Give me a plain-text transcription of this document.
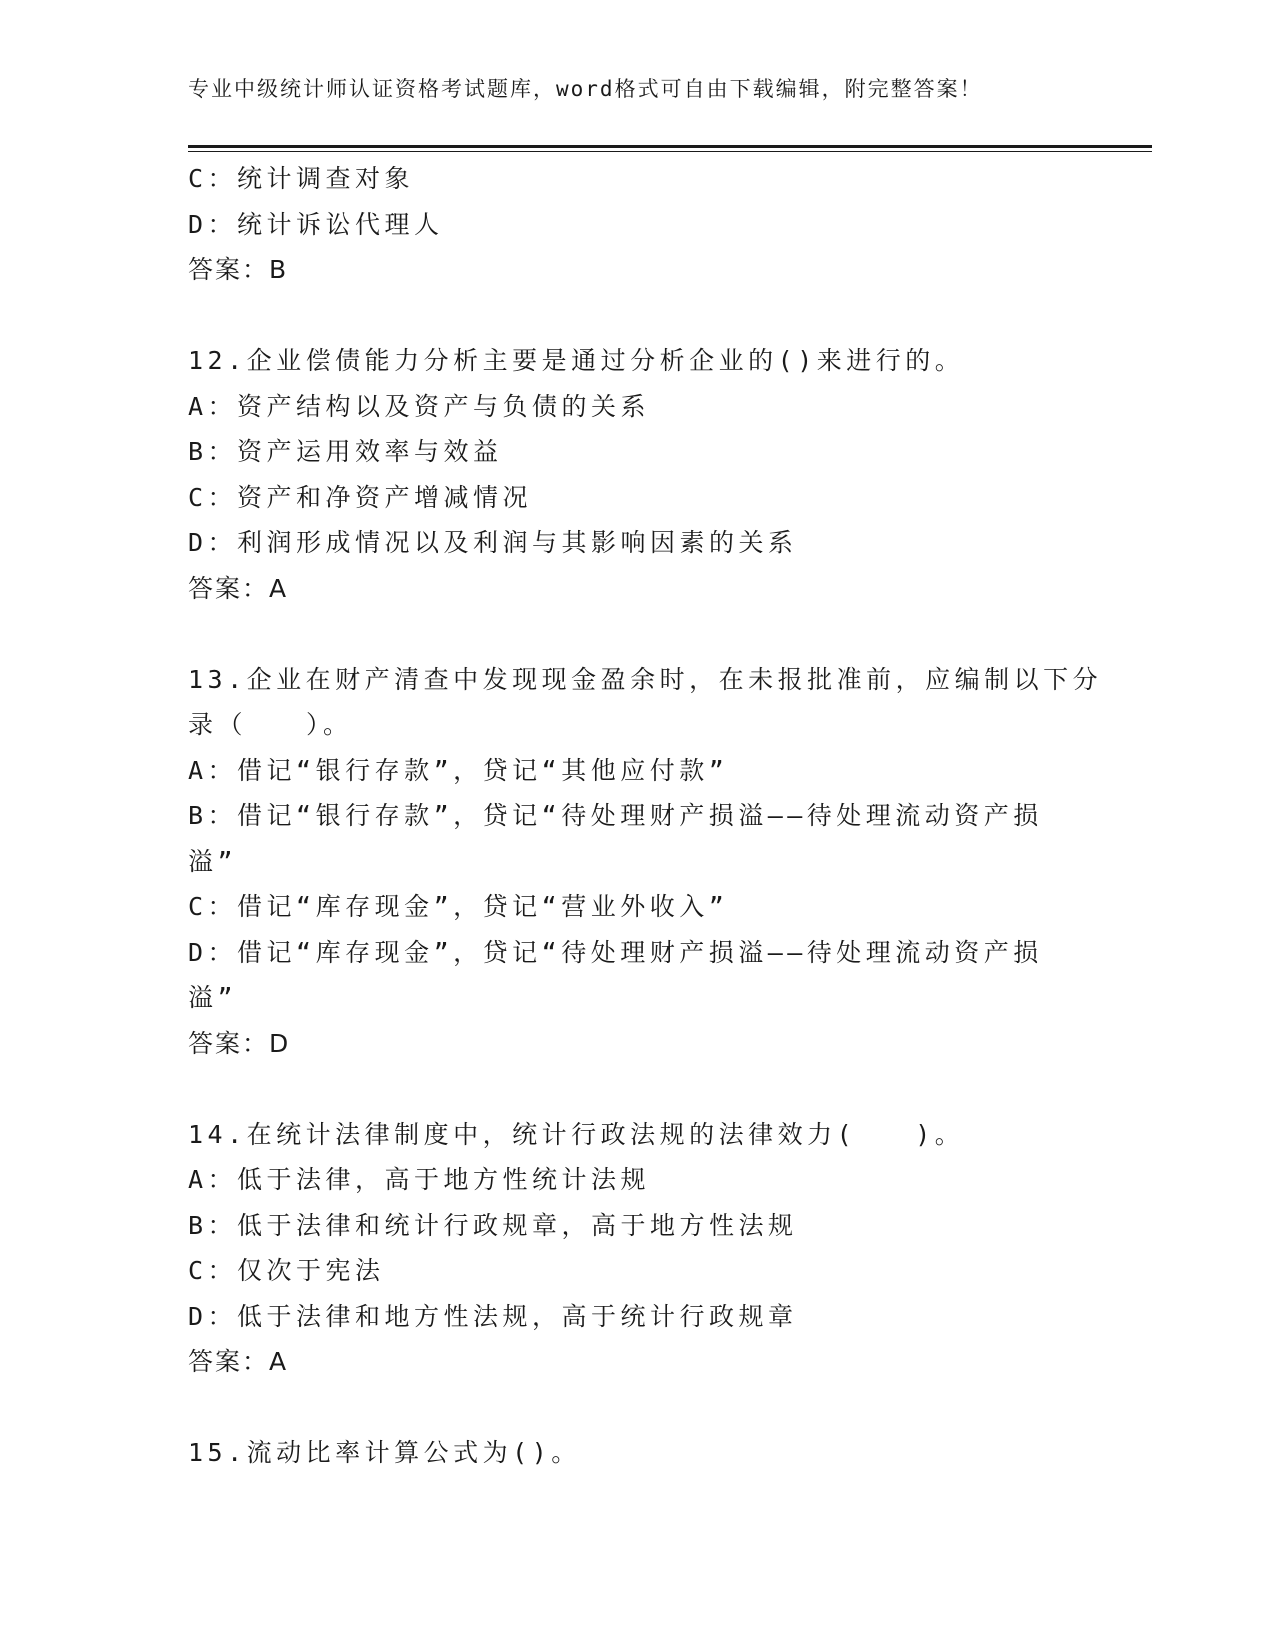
专业中级统计师认证资格考试题库，word格式可自由下载编辑，附完整答案！
C：统计调查对象
D：统计诉讼代理人
答案：B
12.企业偿债能力分析主要是通过分析企业的()来进行的。
A：资产结构以及资产与负债的关系
B：资产运用效率与效益
C：资产和净资产增减情况
D：利润形成情况以及利润与其影响因素的关系
答案：A
13.企业在财产清查中发现现金盈余时，在未报批准前，应编制以下分
录（　　）。
A：借记“银行存款”，贷记“其他应付款”
B：借记“银行存款”，贷记“待处理财产损溢——待处理流动资产损
溢”
C：借记“库存现金”，贷记“营业外收入”
D：借记“库存现金”，贷记“待处理财产损溢——待处理流动资产损
溢”
答案：D
14.在统计法律制度中，统计行政法规的法律效力(　　)。
A：低于法律，高于地方性统计法规
B：低于法律和统计行政规章，高于地方性法规
C：仅次于宪法
D：低于法律和地方性法规，高于统计行政规章
答案：A
15.流动比率计算公式为()。
